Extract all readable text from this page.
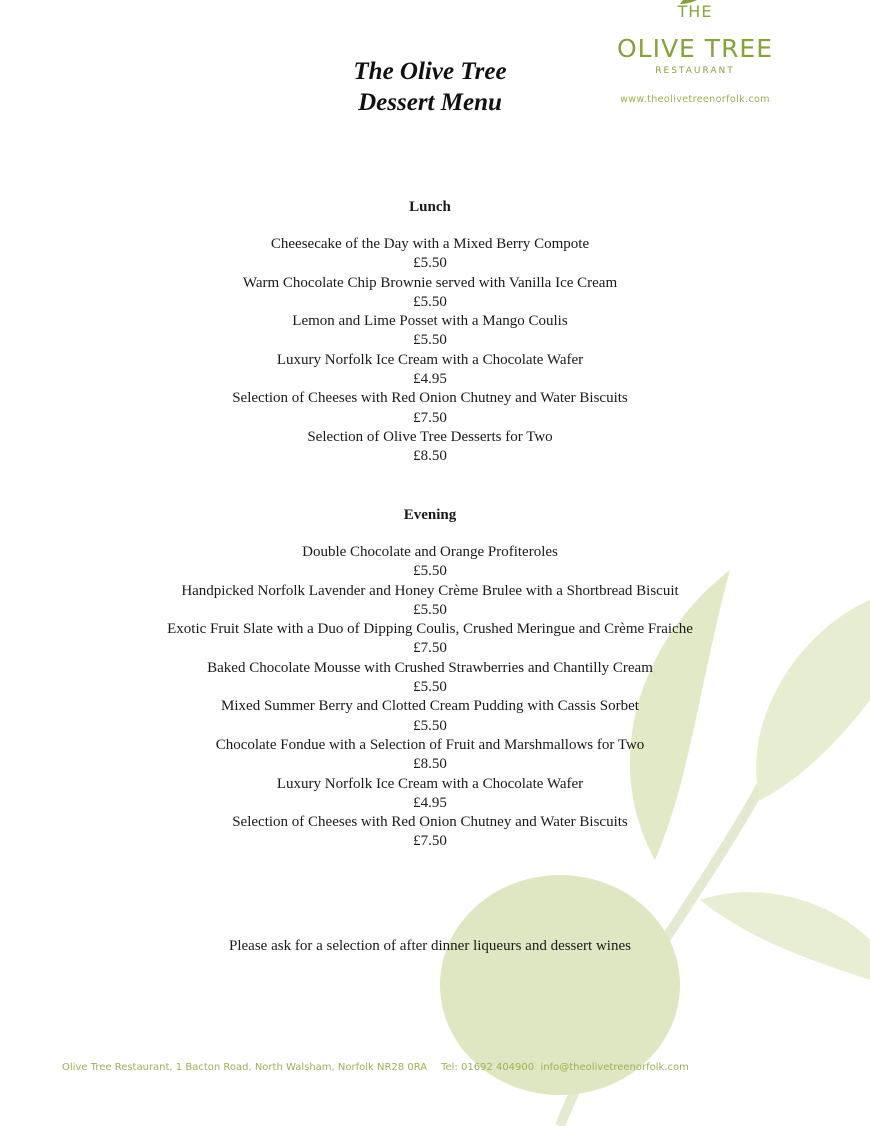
The Olive Tree
Dessert Menu
THE
OLIVE TREE
RESTAURANT
www.theolivetreenorfolk.com
Lunch
Cheesecake of the Day with a Mixed Berry Compote
£5.50
Warm Chocolate Chip Brownie served with Vanilla Ice Cream
£5.50
Lemon and Lime Posset with a Mango Coulis
£5.50
Luxury Norfolk Ice Cream with a Chocolate Wafer
£4.95
Selection of Cheeses with Red Onion Chutney and Water Biscuits
£7.50
Selection of Olive Tree Desserts for Two
£8.50
Evening
Double Chocolate and Orange Profiteroles
£5.50
Handpicked Norfolk Lavender and Honey Crème Brulee with a Shortbread Biscuit
£5.50
Exotic Fruit Slate with a Duo of Dipping Coulis, Crushed Meringue and Crème Fraiche
£7.50
Baked Chocolate Mousse with Crushed Strawberries and Chantilly Cream
£5.50
Mixed Summer Berry and Clotted Cream Pudding with Cassis Sorbet
£5.50
Chocolate Fondue with a Selection of Fruit and Marshmallows for Two
£8.50
Luxury Norfolk Ice Cream with a Chocolate Wafer
£4.95
Selection of Cheeses with Red Onion Chutney and Water Biscuits
£7.50
Please ask for a selection of after dinner liqueurs and dessert wines
Olive Tree Restaurant, 1 Bacton Road, North Walsham, Norfolk NR28 0RA Tel: 01692 404900 info@theolivetreenorfolk.com
